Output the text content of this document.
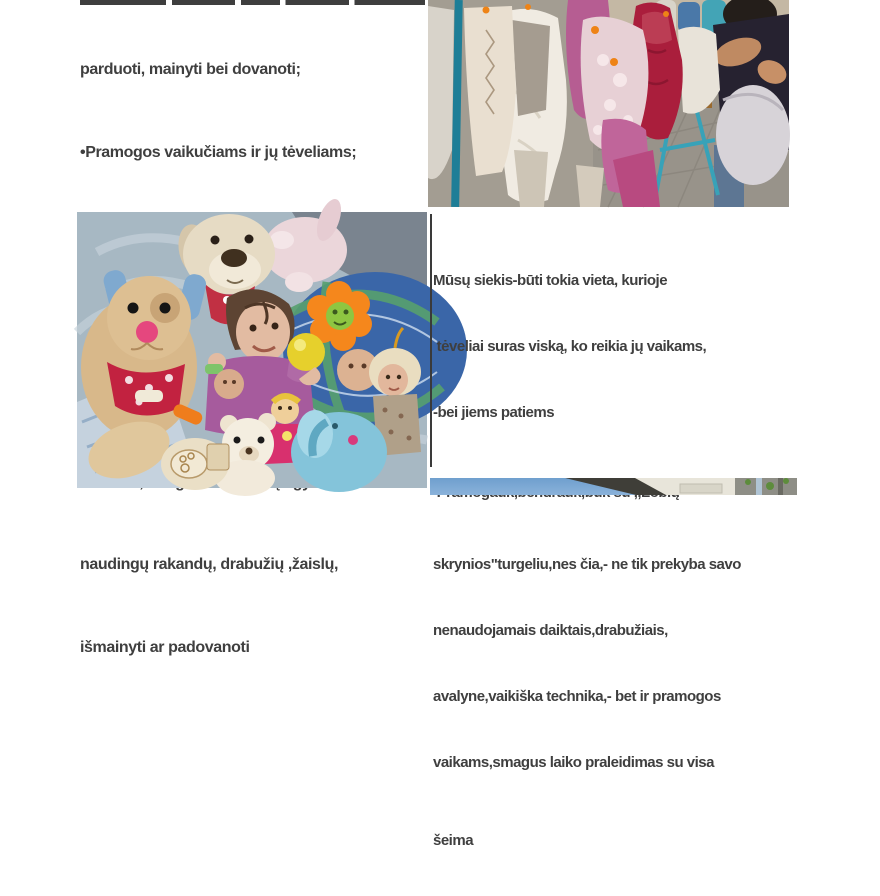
parduoti, mainyti bei dovanoti;

•Pramogos vaikučiams ir jų tėveliams;

naudingų rakandų, drabužių ,žaislų,

išmainyti ar padovanoti

Mūsų siekis-būti tokia vieta, kurioje

tėveliai suras viską, ko reikia jų vaikams,

-bei jiems patiems

skrynios"turgeliu,nes čia,- ne tik prekyba savo

nenaudojamais daiktais,drabužiais,

avalyne,vaikiška technika,- bet ir pramogos

vaikams,smagus laiko praleidimas su visa

šeima
